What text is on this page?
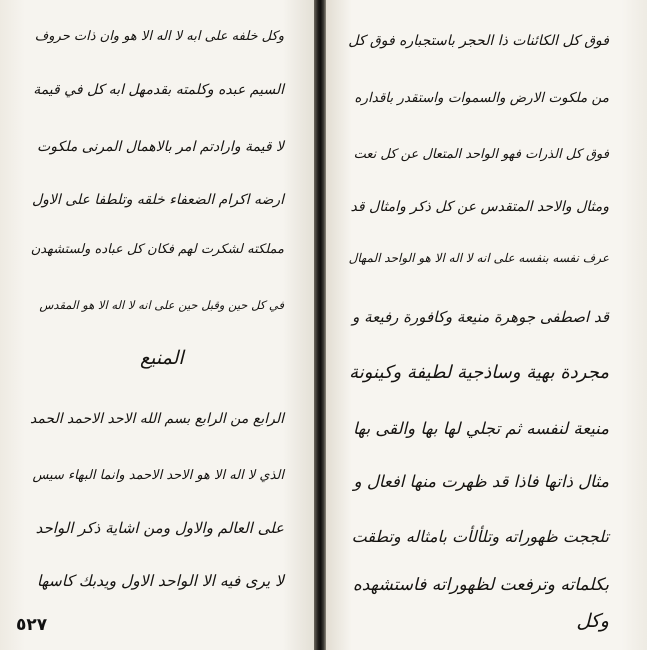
وكل خلفه على ابه لا اله الا هو وان ذات حروف
السيم عبده وكلمته بقدمهل ابه كل في قيمة
لا قيمة وارادتم امر بالاهمال المرنى ملكوت
ارضه اكرام الضعفاء خلقه وتلطفا على الاول
مملكته لشكرت لهم فكان كل عباده ولستشهدن
في كل حين وقبل حين على انه لا اله الا هو المقدس
المنيع
الرابع من الرابع بسم الله الاحد الاحمد الحمد
الذي لا اله الا هو الاحد الاحمد وانما البهاء سيس
على العالم والاول ومن اشاية ذكر الواحد
لا يرى فيه الا الواحد الاول ويدبك كاسها
فوق كل الكائنات ذا الحجر باستجباره فوق كل
من ملكوت الارض والسموات واستقدر باقداره
فوق كل الذرات فهو الواحد المتعال عن كل نعت
ومثال والاحد المتقدس عن كل ذكر وامثال قد
عرف نفسه بنفسه على انه لا اله الا هو الواحد المهال
قد اصطفى جوهرة منيعة وكافورة رفيعة و
مجردة بهية وساذجية لطيفة وكينونة
منيعة لنفسه ثم تجلي لها بها والقى بها
مثال ذاتها فاذا قد ظهرت منها افعال و
تلججت ظهوراته وتلألأت بامثاله وتطقت
بكلماته وترفعت لظهوراته فاستشهده
وكل
٥٢٧
